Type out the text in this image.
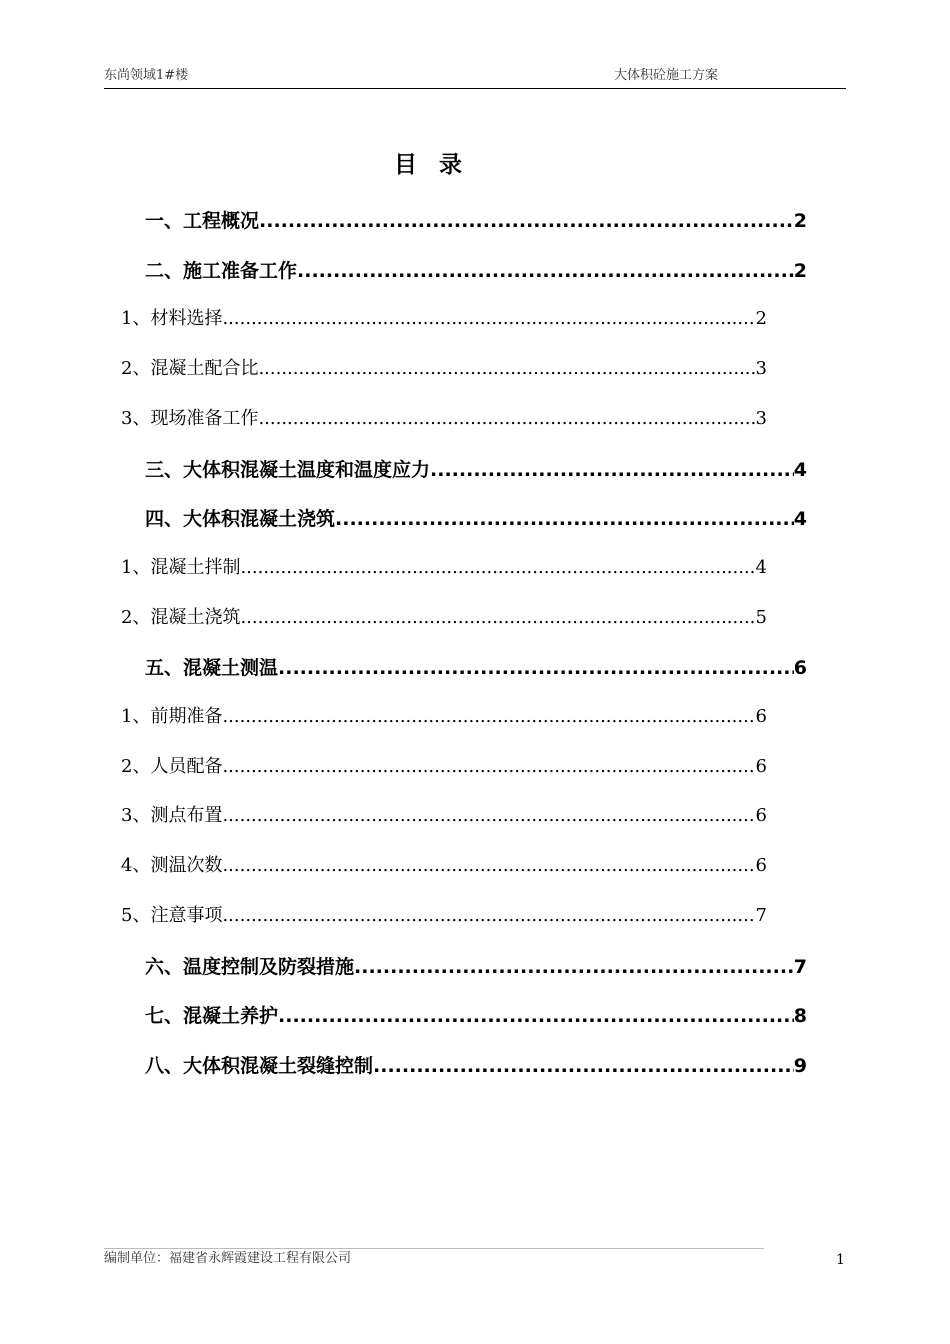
东尚领域1#楼	大体积砼施工方案
目录
一、工程概况 .....	2
二、施工准备工作 .....	2
1、材料选择 .....	2
2、混凝土配合比 .....	3
3、现场准备工作 .....	3
三、大体积混凝土温度和温度应力 .....	4
四、大体积混凝土浇筑 .....	4
1、混凝土拌制 .....	4
2、混凝土浇筑 .....	5
五、混凝土测温 .....	6
1、前期准备 .....	6
2、人员配备 .....	6
3、测点布置 .....	6
4、测温次数 .....	6
5、注意事项 .....	7
六、温度控制及防裂措施 .....	7
七、混凝土养护 .....	8
八、大体积混凝土裂缝控制 .....	9
编制单位：福建省永辉霞建设工程有限公司	1
